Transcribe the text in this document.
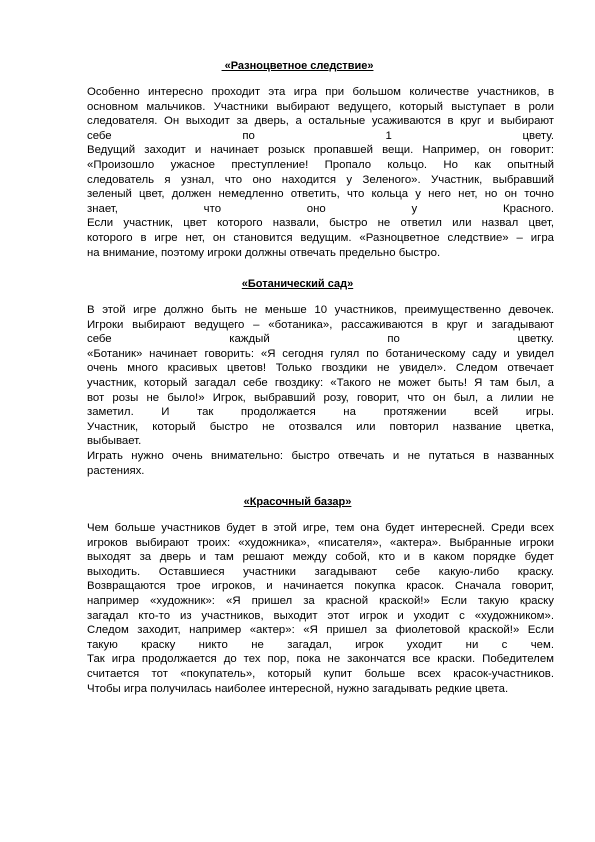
«Разноцветное следствие»
Особенно интересно проходит эта игра при большом количестве участников, в
основном мальчиков. Участники выбирают ведущего, который выступает в роли
следователя. Он выходит за дверь, а остальные усаживаются в круг и выбирают
себе по 1 цвету.
Ведущий заходит и начинает розыск пропавшей вещи. Например, он говорит:
«Произошло ужасное преступление! Пропало кольцо. Но как опытный
следователь я узнал, что оно находится у Зеленого». Участник, выбравший
зеленый цвет, должен немедленно ответить, что кольца у него нет, но он точно
знает, что оно у Красного.
Если участник, цвет которого назвали, быстро не ответил или назвал цвет,
которого в игре нет, он становится ведущим. «Разноцветное следствие» – игра
на внимание, поэтому игроки должны отвечать предельно быстро.
«Ботанический сад»
В этой игре должно быть не меньше 10 участников, преимущественно девочек.
Игроки выбирают ведущего – «ботаника», рассаживаются в круг и загадывают
себе каждый по цветку.
«Ботаник» начинает говорить: «Я сегодня гулял по ботаническому саду и увидел
очень много красивых цветов! Только гвоздики не увидел». Следом отвечает
участник, который загадал себе гвоздику: «Такого не может быть! Я там был, а
вот розы не было!» Игрок, выбравший розу, говорит, что он был, а лилии не
заметил. И так продолжается на протяжении всей игры.
Участник, который быстро не отозвался или повторил название цветка,
выбывает.
Играть нужно очень внимательно: быстро отвечать и не путаться в названных
растениях.
«Красочный базар»
Чем больше участников будет в этой игре, тем она будет интересней. Среди всех
игроков выбирают троих: «художника», «писателя», «актера». Выбранные игроки
выходят за дверь и там решают между собой, кто и в каком порядке будет
выходить. Оставшиеся участники загадывают себе какую-либо краску.
Возвращаются трое игроков, и начинается покупка красок. Сначала говорит,
например «художник»: «Я пришел за красной краской!» Если такую краску
загадал кто-то из участников, выходит этот игрок и уходит с «художником».
Следом заходит, например «актер»: «Я пришел за фиолетовой краской!» Если
такую краску никто не загадал, игрок уходит ни с чем.
Так игра продолжается до тех пор, пока не закончатся все краски. Победителем
считается тот «покупатель», который купит больше всех красок-участников.
Чтобы игра получилась наиболее интересной, нужно загадывать редкие цвета.
